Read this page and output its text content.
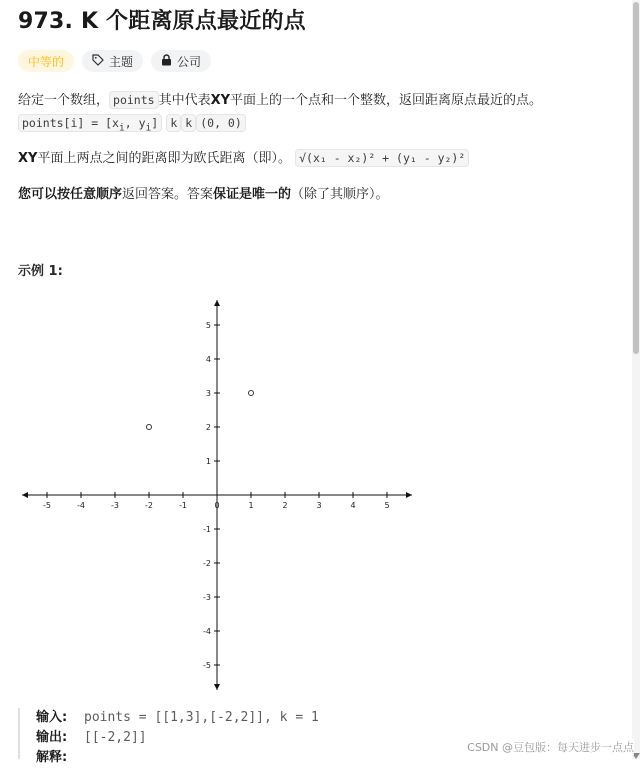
973. K 个距离原点最近的点
中等的	主题	公司
给定一个数组， points 其中代表XY平面上的一个点和一个整数，返回距离原点最近的点。
points[i] = [$x_i$, $y_i$] k k (0, 0)
XY平面上两点之间的距离即为欧氏距离（即）。 √(x₁ - x₂)² + (y₁ - y₂)²
您可以按任意顺序返回答案。答案保证是唯一的（除了其顺序）。
示例 1:
-5	-4	-3	-2	-1	0	1	2	3	4	5
-5
-4
-3
-2
-1
1
2
3
4
5
输入: points = [[1,3],[-2,2]], k = 1
输出: [[-2,2]]
解释:
CSDN @豆包版：每天进步一点点
